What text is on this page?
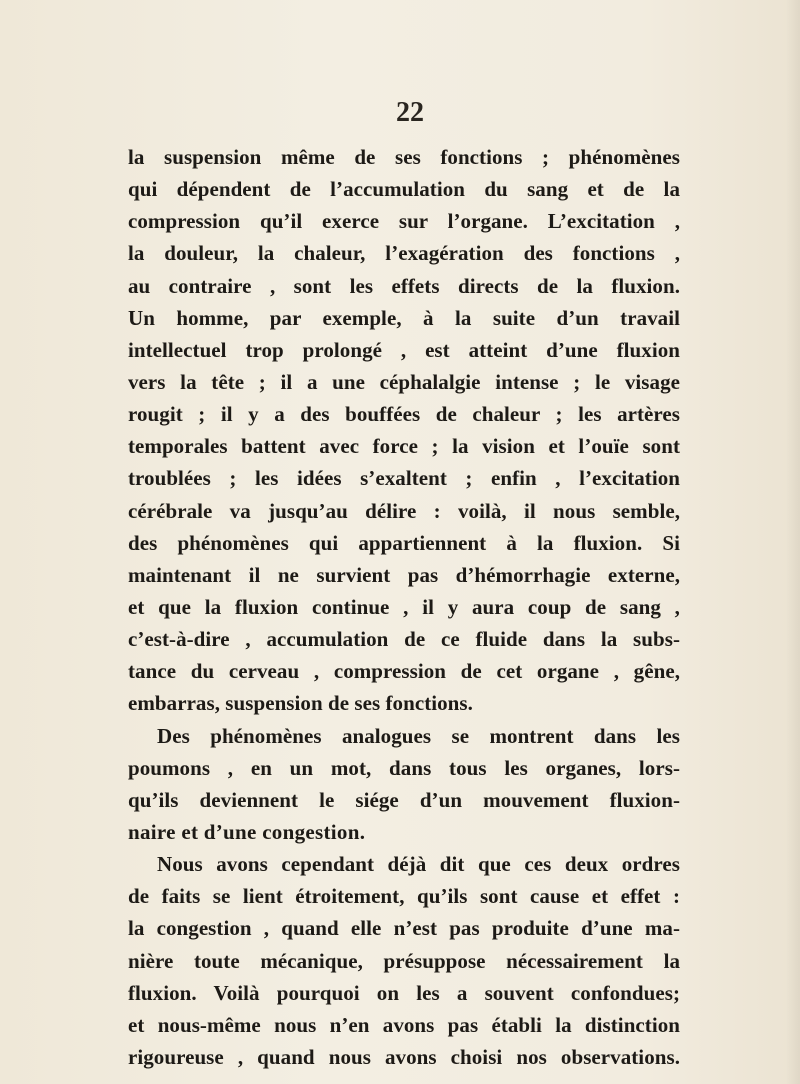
22
la suspension même de ses fonctions ; phénomènes
qui dépendent de l’accumulation du sang et de la
compression qu’il exerce sur l’organe. L’excitation ,
la douleur, la chaleur, l’exagération des fonctions ,
au contraire , sont les effets directs de la fluxion.
Un homme, par exemple, à la suite d’un travail
intellectuel trop prolongé , est atteint d’une fluxion
vers la tête ; il a une céphalalgie intense ; le visage
rougit ; il y a des bouffées de chaleur ; les artères
temporales battent avec force ; la vision et l’ouïe sont
troublées ; les idées s’exaltent ; enfin , l’excitation
cérébrale va jusqu’au délire : voilà, il nous semble,
des phénomènes qui appartiennent à la fluxion. Si
maintenant il ne survient pas d’hémorrhagie externe,
et que la fluxion continue , il y aura coup de sang ,
c’est-à-dire , accumulation de ce fluide dans la subs-
tance du cerveau , compression de cet organe , gêne,
embarras, suspension de ses fonctions.
Des phénomènes analogues se montrent dans les
poumons , en un mot, dans tous les organes, lors-
qu’ils deviennent le siége d’un mouvement fluxion-
naire et d’une congestion.
Nous avons cependant déjà dit que ces deux ordres
de faits se lient étroitement, qu’ils sont cause et effet :
la congestion , quand elle n’est pas produite d’une ma-
nière toute mécanique, présuppose nécessairement la
fluxion. Voilà pourquoi on les a souvent confondues;
et nous-même nous n’en avons pas établi la distinction
rigoureuse , quand nous avons choisi nos observations.
